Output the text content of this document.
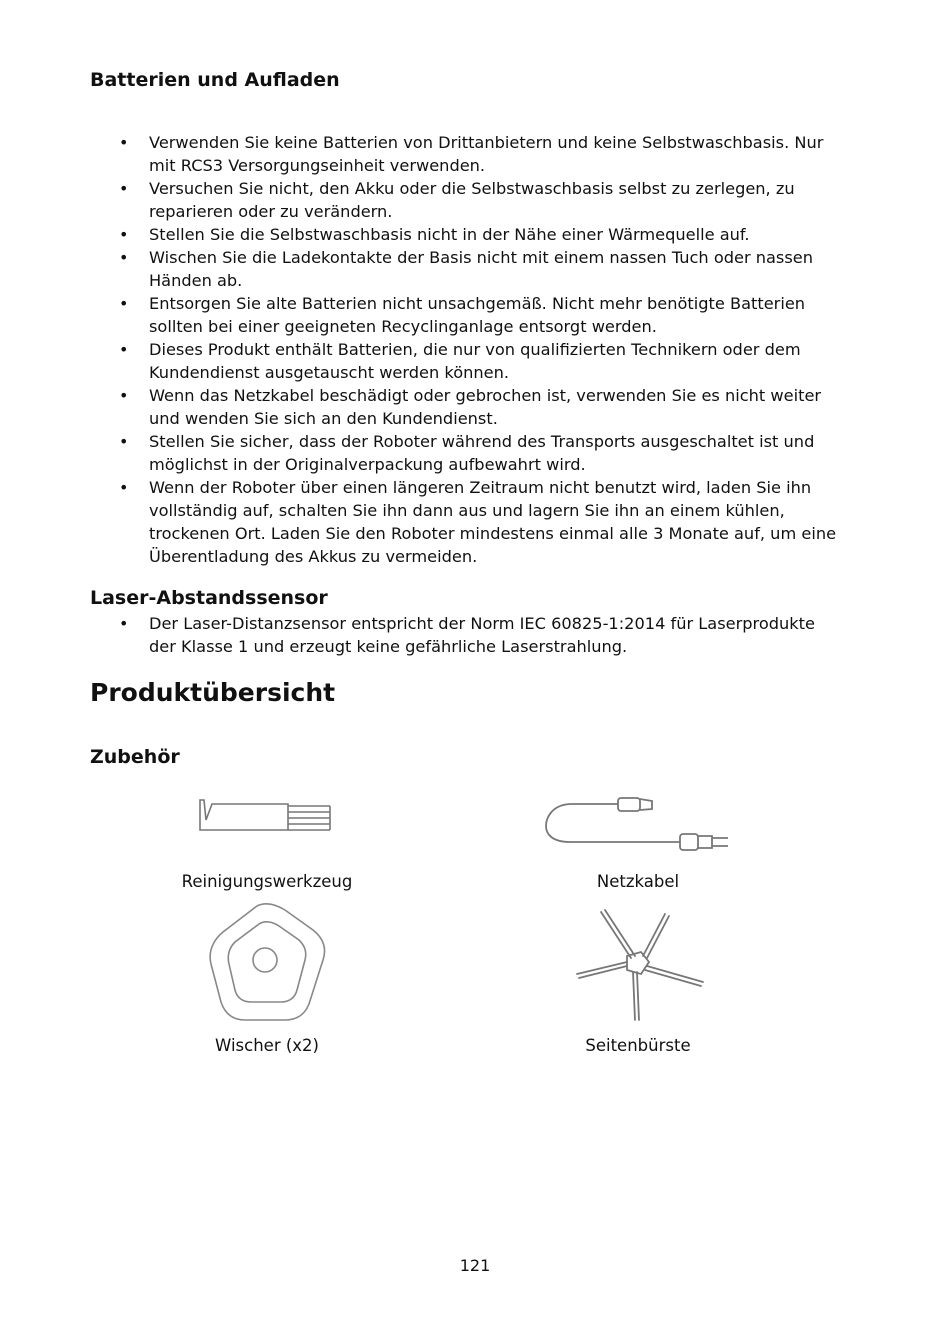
Batterien und Aufladen
• Verwenden Sie keine Batterien von Drittanbietern und keine Selbstwaschbasis. Nur mit RCS3 Versorgungseinheit verwenden.
• Versuchen Sie nicht, den Akku oder die Selbstwaschbasis selbst zu zerlegen, zu reparieren oder zu verändern.
• Stellen Sie die Selbstwaschbasis nicht in der Nähe einer Wärmequelle auf.
• Wischen Sie die Ladekontakte der Basis nicht mit einem nassen Tuch oder nassen Händen ab.
• Entsorgen Sie alte Batterien nicht unsachgemäß. Nicht mehr benötigte Batterien sollten bei einer geeigneten Recyclinganlage entsorgt werden.
• Dieses Produkt enthält Batterien, die nur von qualifizierten Technikern oder dem Kundendienst ausgetauscht werden können.
• Wenn das Netzkabel beschädigt oder gebrochen ist, verwenden Sie es nicht weiter und wenden Sie sich an den Kundendienst.
• Stellen Sie sicher, dass der Roboter während des Transports ausgeschaltet ist und möglichst in der Originalverpackung aufbewahrt wird.
• Wenn der Roboter über einen längeren Zeitraum nicht benutzt wird, laden Sie ihn vollständig auf, schalten Sie ihn dann aus und lagern Sie ihn an einem kühlen, trockenen Ort. Laden Sie den Roboter mindestens einmal alle 3 Monate auf, um eine Überentladung des Akkus zu vermeiden.
Laser-Abstandssensor
• Der Laser-Distanzsensor entspricht der Norm IEC 60825-1:2014 für Laserprodukte der Klasse 1 und erzeugt keine gefährliche Laserstrahlung.
Produktübersicht
Zubehör
Reinigungswerkzeug	Netzkabel
Wischer (x2)	Seitenbürste
121
